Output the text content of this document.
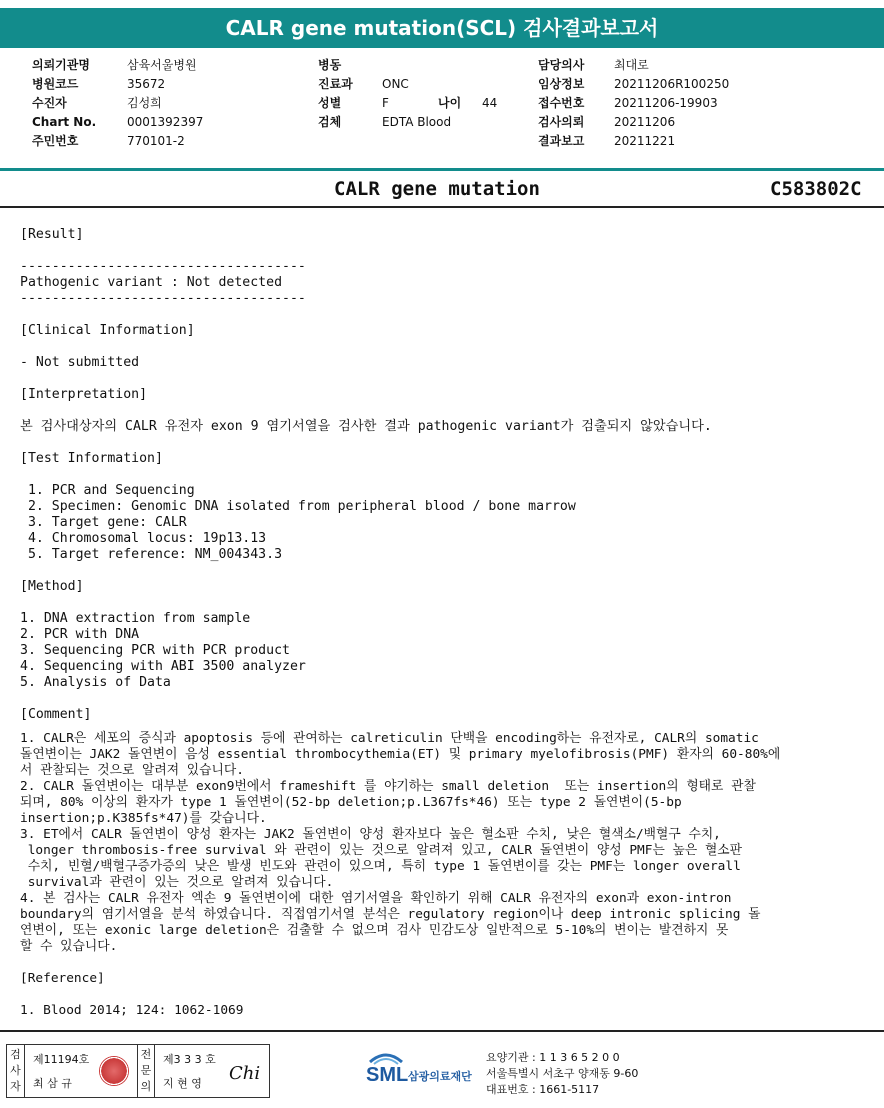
CALR gene mutation(SCL) 검사결과보고서
의뢰기관명	삼육서울병원
병원코드	35672
수진자	김성희
Chart No.	0001392397
주민번호	770101-2
병동
진료과 ONC
성별	F	나이 44
검체	EDTA Blood
담당의사 최대로
임상정보 20211206R100250
접수번호 20211206-19903
검사의뢰 20211206
결과보고 20211221
CALR gene mutation	C583802C
[Result]

------------------------------------
Pathogenic variant : Not detected
------------------------------------

[Clinical Information]

- Not submitted

[Interpretation]

본 검사대상자의 CALR 유전자 exon 9 염기서열을 검사한 결과 pathogenic variant가 검출되지 않았습니다.

[Test Information]

1. PCR and Sequencing
2. Specimen: Genomic DNA isolated from peripheral blood / bone marrow
3. Target gene: CALR
4. Chromosomal locus: 19p13.13
5. Target reference: NM_004343.3

[Method]

1. DNA extraction from sample
2. PCR with DNA
3. Sequencing PCR with PCR product
4. Sequencing with ABI 3500 analyzer
5. Analysis of Data

[Comment]
1. CALR은 세포의 증식과 apoptosis 등에 관여하는 calreticulin 단백을 encoding하는 유전자로, CALR의 somatic
돌연변이는 JAK2 돌연변이 음성 essential thrombocythemia(ET) 및 primary myelofibrosis(PMF) 환자의 60-80%에
서 관찰되는 것으로 알려져 있습니다.
2. CALR 돌연변이는 대부분 exon9번에서 frameshift 를 야기하는 small deletion  또는 insertion의 형태로 관찰
되며, 80% 이상의 환자가 type 1 돌연변이(52-bp deletion;p.L367fs*46) 또는 type 2 돌연변이(5-bp
insertion;p.K385fs*47)를 갖습니다.
3. ET에서 CALR 돌연변이 양성 환자는 JAK2 돌연변이 양성 환자보다 높은 혈소판 수치, 낮은 혈색소/백혈구 수치,
longer thrombosis-free survival 와 관련이 있는 것으로 알려져 있고, CALR 돌연변이 양성 PMF는 높은 혈소판
수치, 빈혈/백혈구증가증의 낮은 발생 빈도와 관련이 있으며, 특히 type 1 돌연변이를 갖는 PMF는 longer overall
survival과 관련이 있는 것으로 알려져 있습니다.
4. 본 검사는 CALR 유전자 엑손 9 돌연변이에 대한 염기서열을 확인하기 위해 CALR 유전자의 exon과 exon-intron
boundary의 염기서열을 분석 하였습니다. 직접염기서열 분석은 regulatory region이나 deep intronic splicing 돌
연변이, 또는 exonic large deletion은 검출할 수 없으며 검사 민감도상 일반적으로 5-10%의 변이는 발견하지 못
할 수 있습니다.

[Reference]

1. Blood 2014; 124: 1062-1069
검사자
제11194호
최 삼 규
전문의
제3 3 3 호
지 현 영 Chi	SML 삼광의료재단
요양기관 : 1 1 3 6 5 2 0 0
서울특별시 서초구 양재동 9-60
대표번호 : 1661-5117
